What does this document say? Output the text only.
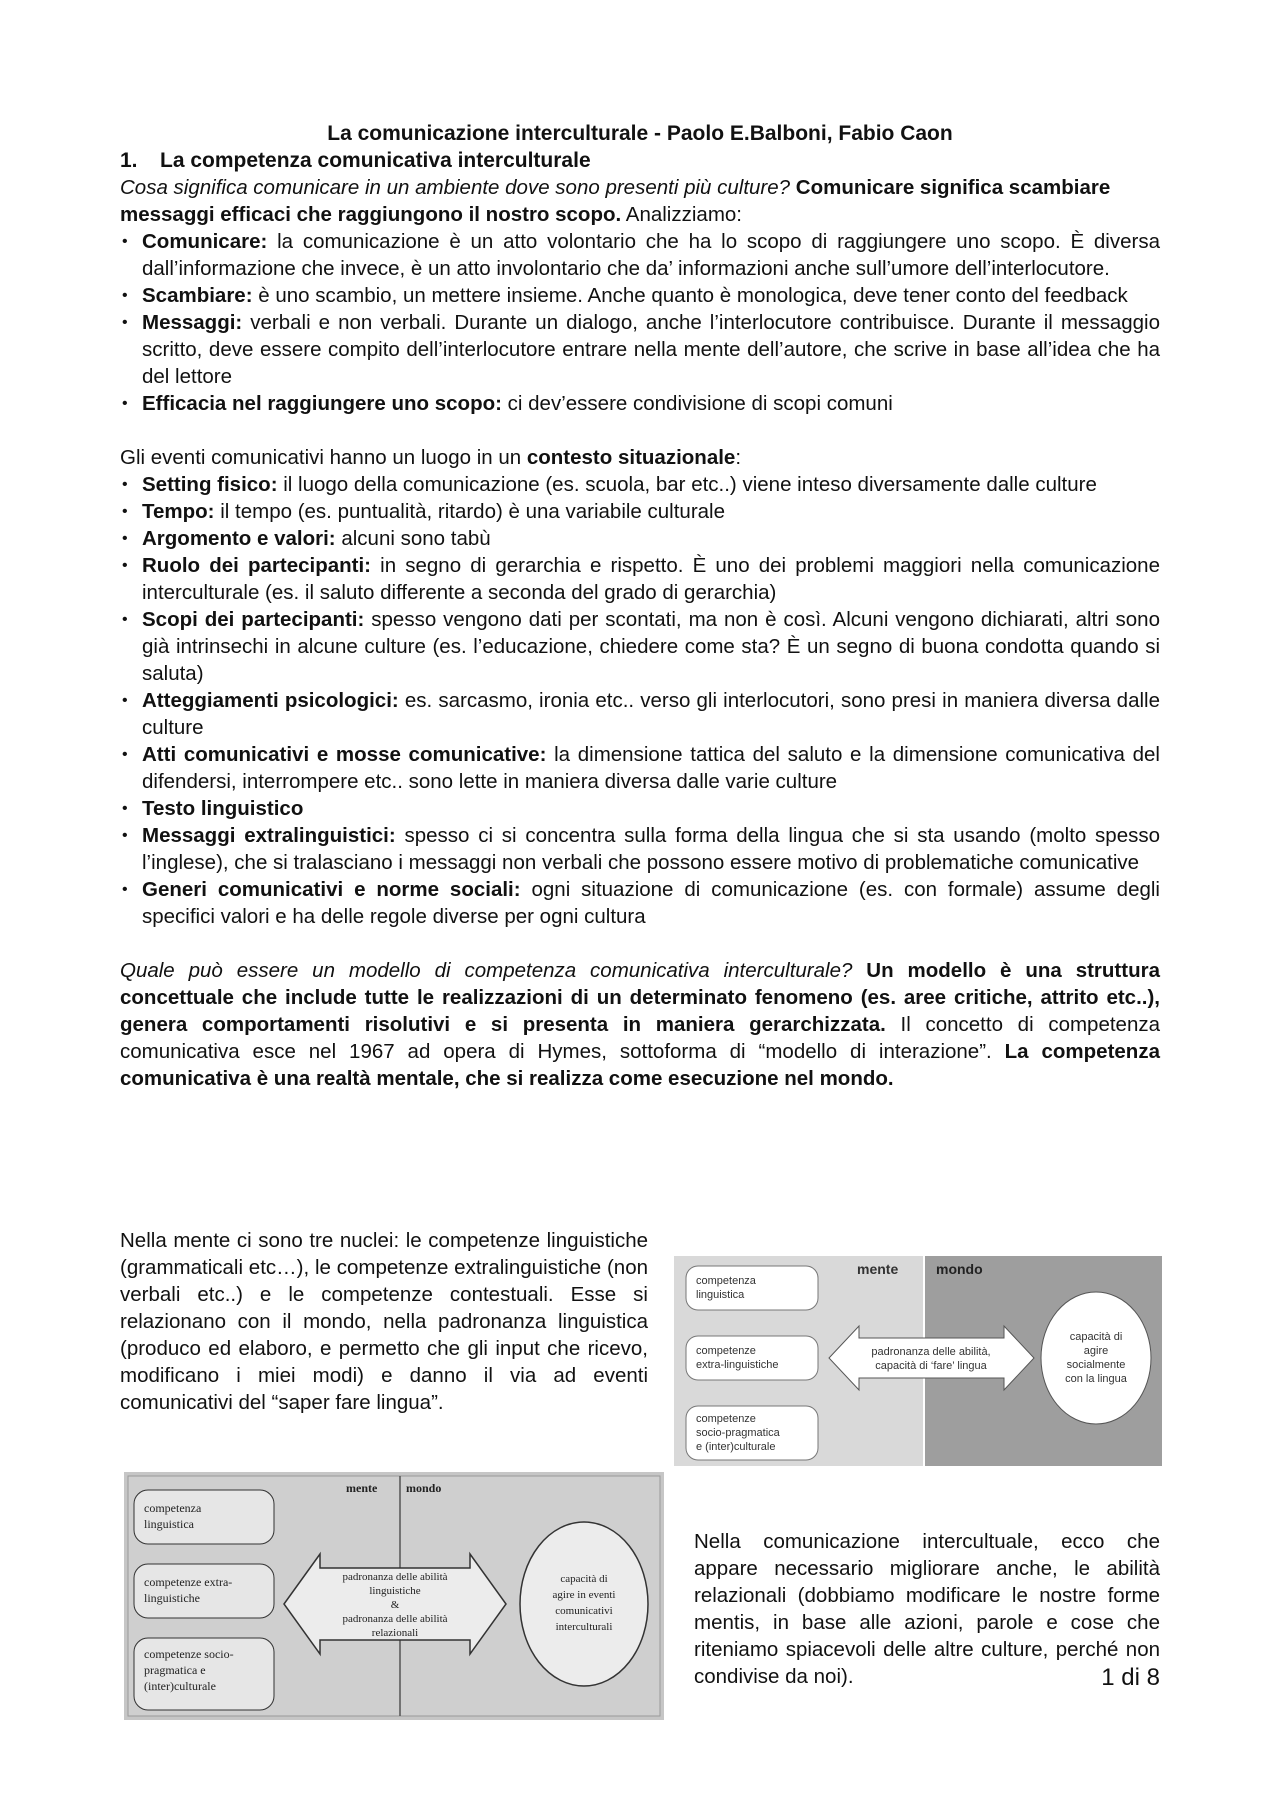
La comunicazione interculturale - Paolo E.Balboni, Fabio Caon

1. La competenza comunicativa interculturale

Cosa significa comunicare in un ambiente dove sono presenti più culture? Comunicare significa scambiare messaggi efficaci che raggiungono il nostro scopo. Analizziamo:

• Comunicare: la comunicazione è un atto volontario che ha lo scopo di raggiungere uno scopo. È diversa dall’informazione che invece, è un atto involontario che da’ informazioni anche sull’umore dell’interlocutore.
• Scambiare: è uno scambio, un mettere insieme. Anche quanto è monologica, deve tener conto del feedback
• Messaggi: verbali e non verbali. Durante un dialogo, anche l’interlocutore contribuisce. Durante il messaggio scritto, deve essere compito dell’interlocutore entrare nella mente dell’autore, che scrive in base all’idea che ha del lettore
• Efficacia nel raggiungere uno scopo: ci dev’essere condivisione di scopi comuni

Gli eventi comunicativi hanno un luogo in un contesto situazionale:

• Setting fisico: il luogo della comunicazione (es. scuola, bar etc..) viene inteso diversamente dalle culture
• Tempo: il tempo (es. puntualità, ritardo) è una variabile culturale
• Argomento e valori: alcuni sono tabù
• Ruolo dei partecipanti: in segno di gerarchia e rispetto. È uno dei problemi maggiori nella comunicazione interculturale (es. il saluto differente a seconda del grado di gerarchia)
• Scopi dei partecipanti: spesso vengono dati per scontati, ma non è così. Alcuni vengono dichiarati, altri sono già intrinsechi in alcune culture (es. l’educazione, chiedere come sta? È un segno di buona condotta quando si saluta)
• Atteggiamenti psicologici: es. sarcasmo, ironia etc.. verso gli interlocutori, sono presi in maniera diversa dalle culture
• Atti comunicativi e mosse comunicative: la dimensione tattica del saluto e la dimensione comunicativa del difendersi, interrompere etc.. sono lette in maniera diversa dalle varie culture
• Testo linguistico
• Messaggi extralinguistici: spesso ci si concentra sulla forma della lingua che si sta usando (molto spesso l’inglese), che si tralasciano i messaggi non verbali che possono essere motivo di problematiche comunicative
• Generi comunicativi e norme sociali: ogni situazione di comunicazione (es. con formale) assume degli specifici valori e ha delle regole diverse per ogni cultura

Quale può essere un modello di competenza comunicativa interculturale? Un modello è una struttura concettuale che include tutte le realizzazioni di un determinato fenomeno (es. aree critiche, attrito etc..), genera comportamenti risolutivi e si presenta in maniera gerarchizzata. Il concetto di competenza comunicativa esce nel 1967 ad opera di Hymes, sottoforma di “modello di interazione”. La competenza comunicativa è una realtà mentale, che si realizza come esecuzione nel mondo.

Nella mente ci sono tre nuclei: le competenze linguistiche (grammaticali etc…), le competenze extralinguistiche (non verbali etc..) e le competenze contestuali. Esse si relazionano con il mondo, nella padronanza linguistica (produco ed elaboro, e permetto che gli input che ricevo, modificano i miei modi) e danno il via ad eventi comunicativi del “saper fare lingua”.

mente	mondo
competenza
linguistica
competenze
extra-linguistiche
competenze
socio-pragmatica
e (inter)culturale
padronanza delle abilità,
capacità di ‘fare’ lingua
capacità di
agire
socialmente
con la lingua
mente mondo
competenza
linguistica
competenze extra-
linguistiche
competenze socio-
pragmatica e
(inter)culturale
padronanza delle abilità
linguistiche
&
padronanza delle abilità
relazionali
capacità di
agire in eventi
comunicativi
interculturali

Nella comunicazione intercultuale, ecco che appare necessario migliorare anche, le abilità relazionali (dobbiamo modificare le nostre forme mentis, in base alle azioni, parole e cose che riteniamo spiacevoli delle altre culture, perché non condivise da noi).	1 di 8
